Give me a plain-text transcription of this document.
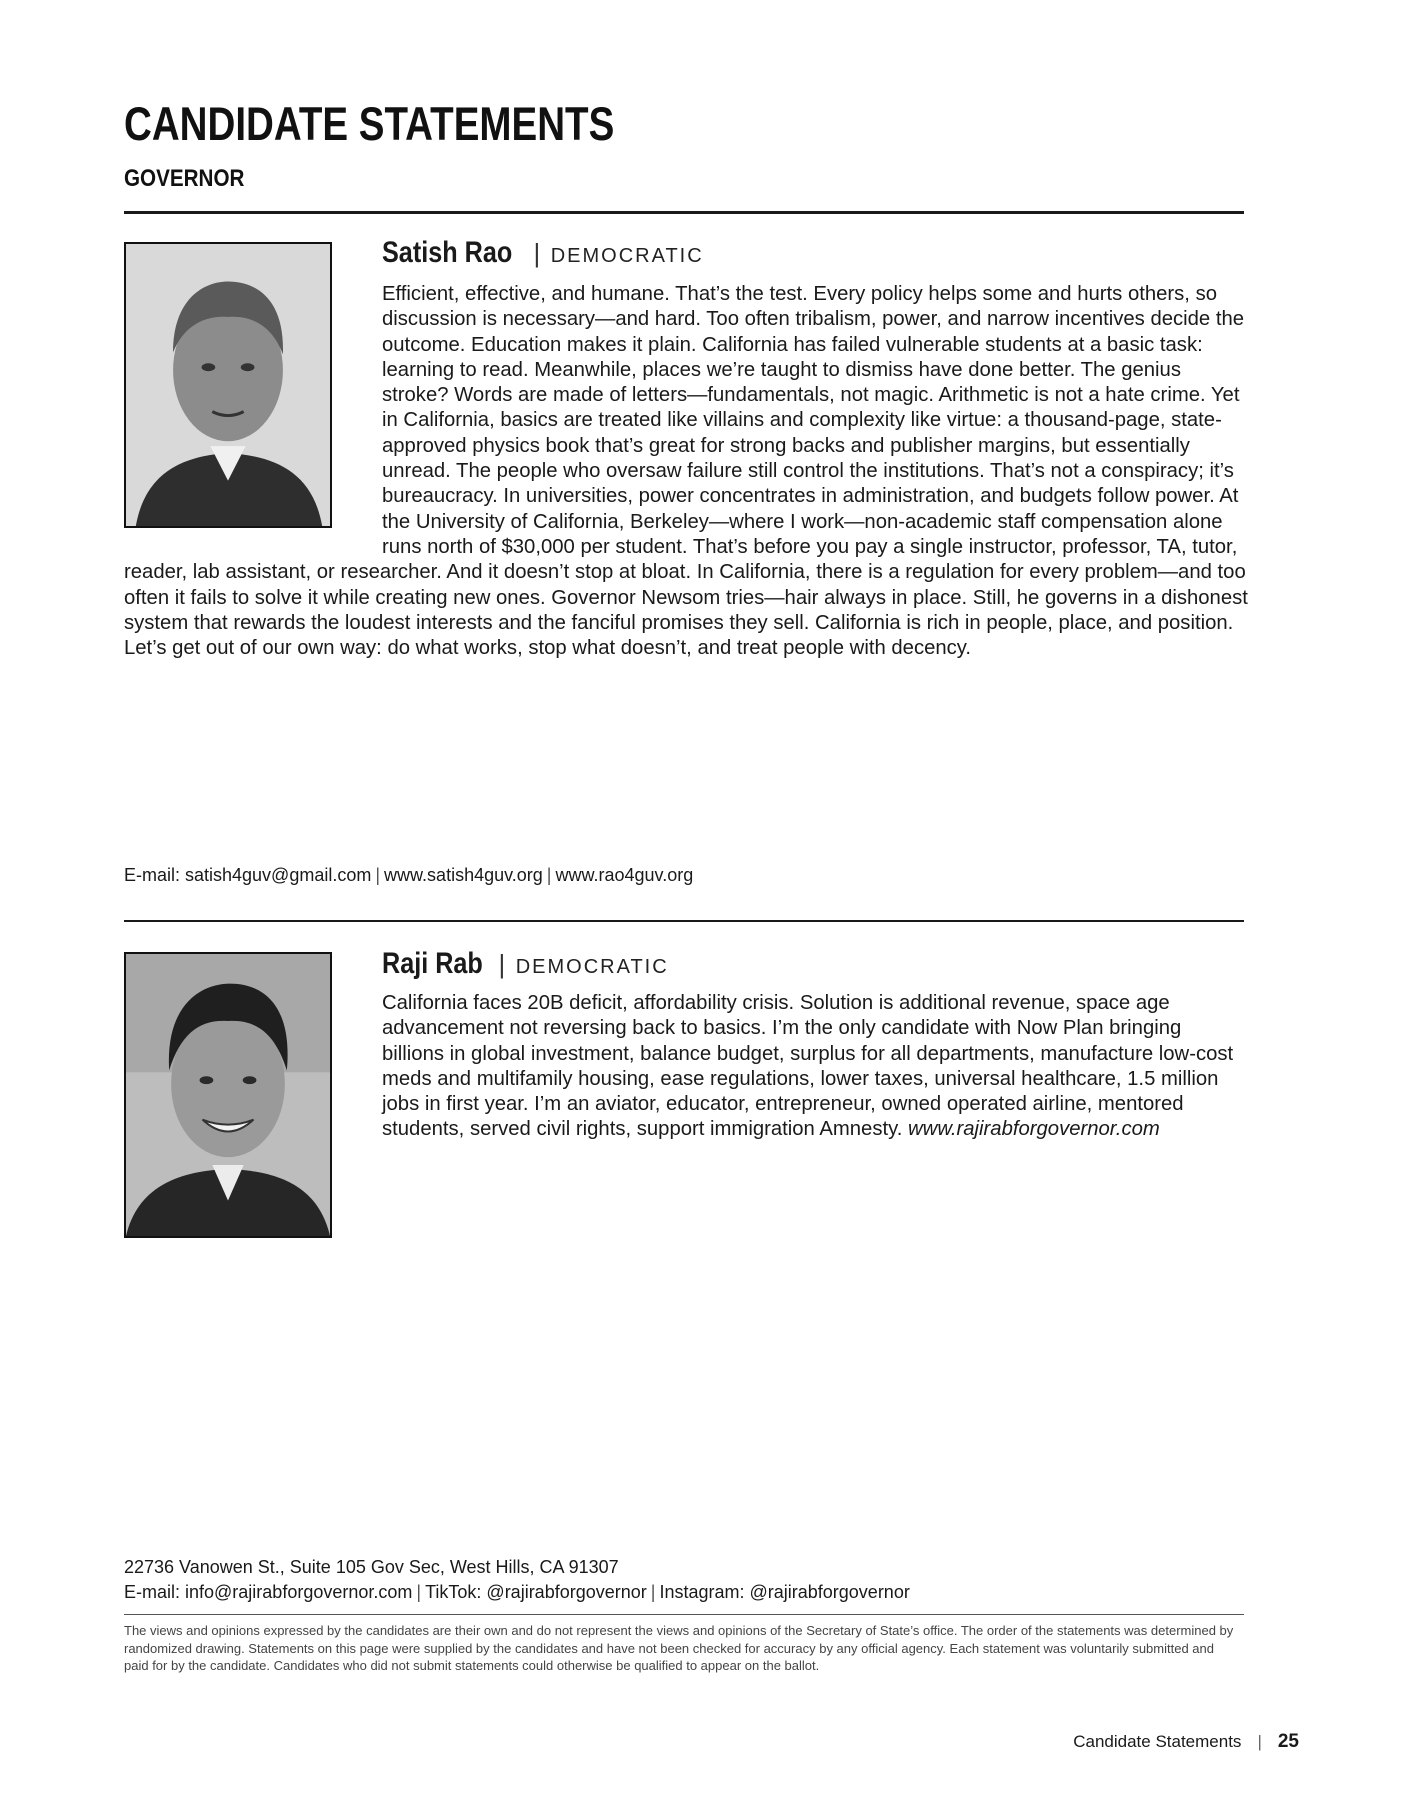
CANDIDATE STATEMENTS
GOVERNOR
Satish Rao | DEMOCRATIC

Efficient, effective, and humane. That’s the test. Every policy helps some and hurts others, so discussion is necessary—and hard. Too often tribalism, power, and narrow incentives decide the outcome. Education makes it plain. California has failed vulnerable students at a basic task: learning to read. Meanwhile, places we’re taught to dismiss have done better. The genius stroke? Words are made of letters—fundamentals, not magic. Arithmetic is not a hate crime. Yet in California, basics are treated like villains and complexity like virtue: a thousand-page, state-approved physics book that’s great for strong backs and publisher margins, but essentially unread. The people who oversaw failure still control the institutions. That’s not a conspiracy; it’s bureaucracy. In universities, power concentrates in administration, and budgets follow power. At the University of California, Berkeley—where I work—non-academic staff compensation alone runs north of $30,000 per student. That’s before you pay a single instructor, professor, TA, tutor, reader, lab assistant, or researcher. And it doesn’t stop at bloat. In California, there is a regulation for every problem—and too often it fails to solve it while creating new ones. Governor Newsom tries—hair always in place. Still, he governs in a dishonest system that rewards the loudest interests and the fanciful promises they sell. California is rich in people, place, and position. Let’s get out of our own way: do what works, stop what doesn’t, and treat people with decency.

E-mail: satish4guv@gmail.com | www.satish4guv.org | www.rao4guv.org
Raji Rab | DEMOCRATIC

California faces 20B deficit, affordability crisis. Solution is additional revenue, space age advancement not reversing back to basics. I’m the only candidate with Now Plan bringing billions in global investment, balance budget, surplus for all departments, manufacture low-cost meds and multifamily housing, ease regulations, lower taxes, universal healthcare, 1.5 million jobs in first year. I’m an aviator, educator, entrepreneur, owned operated airline, mentored students, served civil rights, support immigration Amnesty. www.rajirabforgovernor.com

22736 Vanowen St., Suite 105 Gov Sec, West Hills, CA 91307
E-mail: info@rajirabforgovernor.com | TikTok: @rajirabforgovernor | Instagram: @rajirabforgovernor

The views and opinions expressed by the candidates are their own and do not represent the views and opinions of the Secretary of State’s office. The order of the statements was determined by randomized drawing. Statements on this page were supplied by the candidates and have not been checked for accuracy by any official agency. Each statement was voluntarily submitted and paid for by the candidate. Candidates who did not submit statements could otherwise be qualified to appear on the ballot.

Candidate Statements | 25
